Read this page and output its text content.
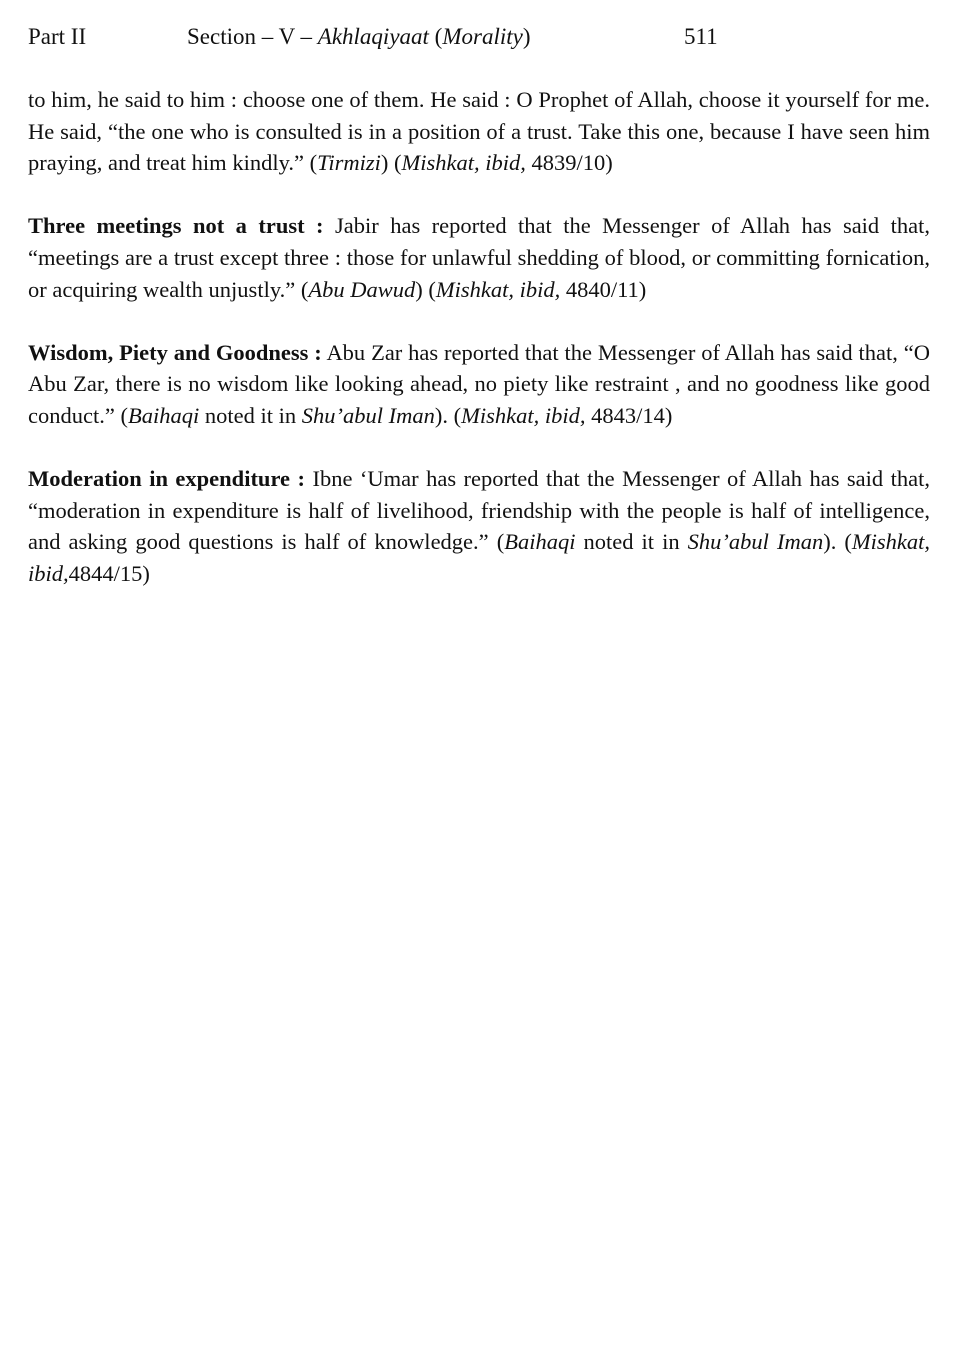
Part II	Section – V – Akhlaqiyaat (Morality)	511

to him, he said to him : choose one of them. He said : O Prophet of Allah, choose it yourself for me. He said, “the one who is consulted is in a position of a trust. Take this one, because I have seen him praying, and treat him kindly.” (Tirmizi) (Mishkat, ibid, 4839/10)

Three meetings not a trust : Jabir has reported that the Messenger of Allah has said that, “meetings are a trust except three : those for unlawful shedding of blood, or committing fornication, or acquiring wealth unjustly.” (Abu Dawud) (Mishkat, ibid, 4840/11)

Wisdom, Piety and Goodness : Abu Zar has reported that the Messenger of Allah has said that, “O Abu Zar, there is no wisdom like looking ahead, no piety like restraint , and no goodness like good conduct.” (Baihaqi noted it in Shu’abul Iman). (Mishkat, ibid, 4843/14)

Moderation in expenditure : Ibne ‘Umar has reported that the Messenger of Allah has said that, “moderation in expenditure is half of livelihood, friendship with the people is half of intelligence, and asking good questions is half of knowledge.” (Baihaqi noted it in Shu’abul Iman). (Mishkat, ibid,4844/15)
